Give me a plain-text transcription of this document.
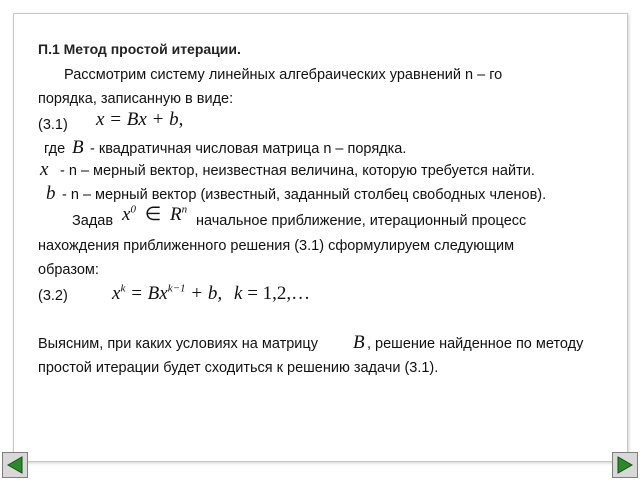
П.1 Метод простой итерации.
Рассмотрим систему линейных алгебраических уравнений n – го
порядка, записанную в виде:
(3.1) x = Bx + b,
где B - квадратичная числовая матрица n – порядка.
x - n – мерный вектор, неизвестная величина, которую требуется найти.
b - n – мерный вектор (известный, заданный столбец свободных членов).
Задав $x^0$ ∈ $R^n$
начальное приближение, итерационный процесс
нахождения приближенного решения (3.1) сформулируем следующим
образом:
(3.2) $x^k = Bx^{k-1} + b$, k = 1,2,…
Выясним, при каких условиях на матрицу B , решение найденное по методу
простой итерации будет сходиться к решению задачи (3.1).
